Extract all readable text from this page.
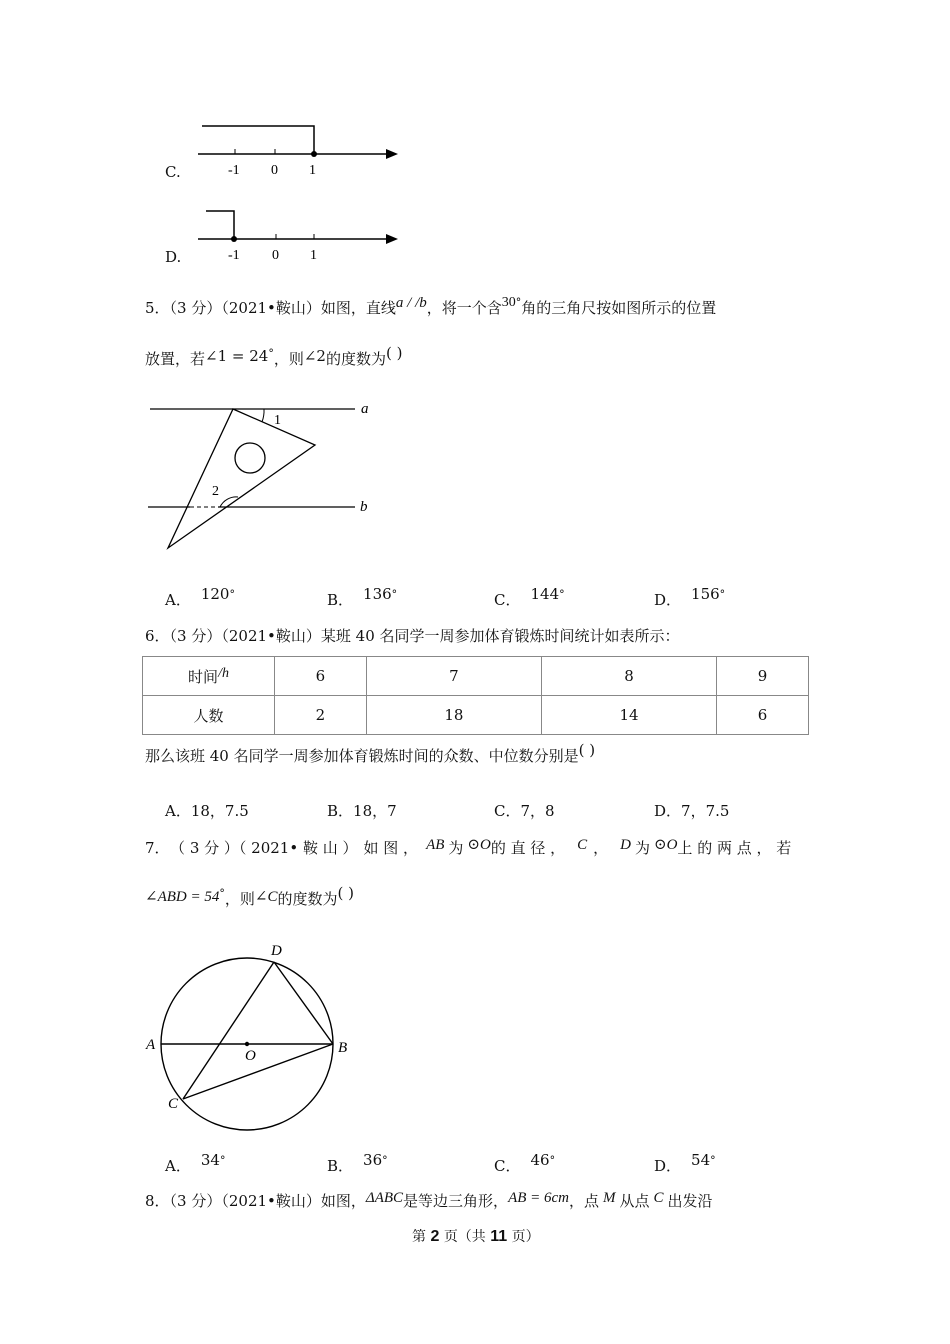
C.	-1 0 1
D.	-1 0 1
5．（3 分）（2021•鞍山）如图，直线a / /b，将一个含30°角的三角尺按如图所示的位置
放置，若∠1 = 24°，则∠2的度数为( )
a
b
1
2
A． 120°	B． 136°	C． 144°	D． 156°
6．（3 分）（2021•鞍山）某班 40 名同学一周参加体育锻炼时间统计如表所示：
时间/h	6	7	8	9
人数	2	18	14	6
那么该班 40 名同学一周参加体育锻炼时间的众数、中位数分别是( )
A．18，7.5	B．18，7	C．7，8	D．7，7.5
7． （ 3 分 ）（ 2021• 鞍 山 ） 如 图 ， AB 为 ⊙O的 直 径 ， C ， D 为 ⊙O上 的 两 点 ， 若
∠ABD = 54°，则∠C的度数为( )
A	B
C
D
O
A． 34°	B． 36°	C． 46°	D． 54°
8．（3 分）（2021•鞍山）如图，ΔABC是等边三角形，AB = 6cm，点 M 从点 C 出发沿
第 2 页（共 11 页）
